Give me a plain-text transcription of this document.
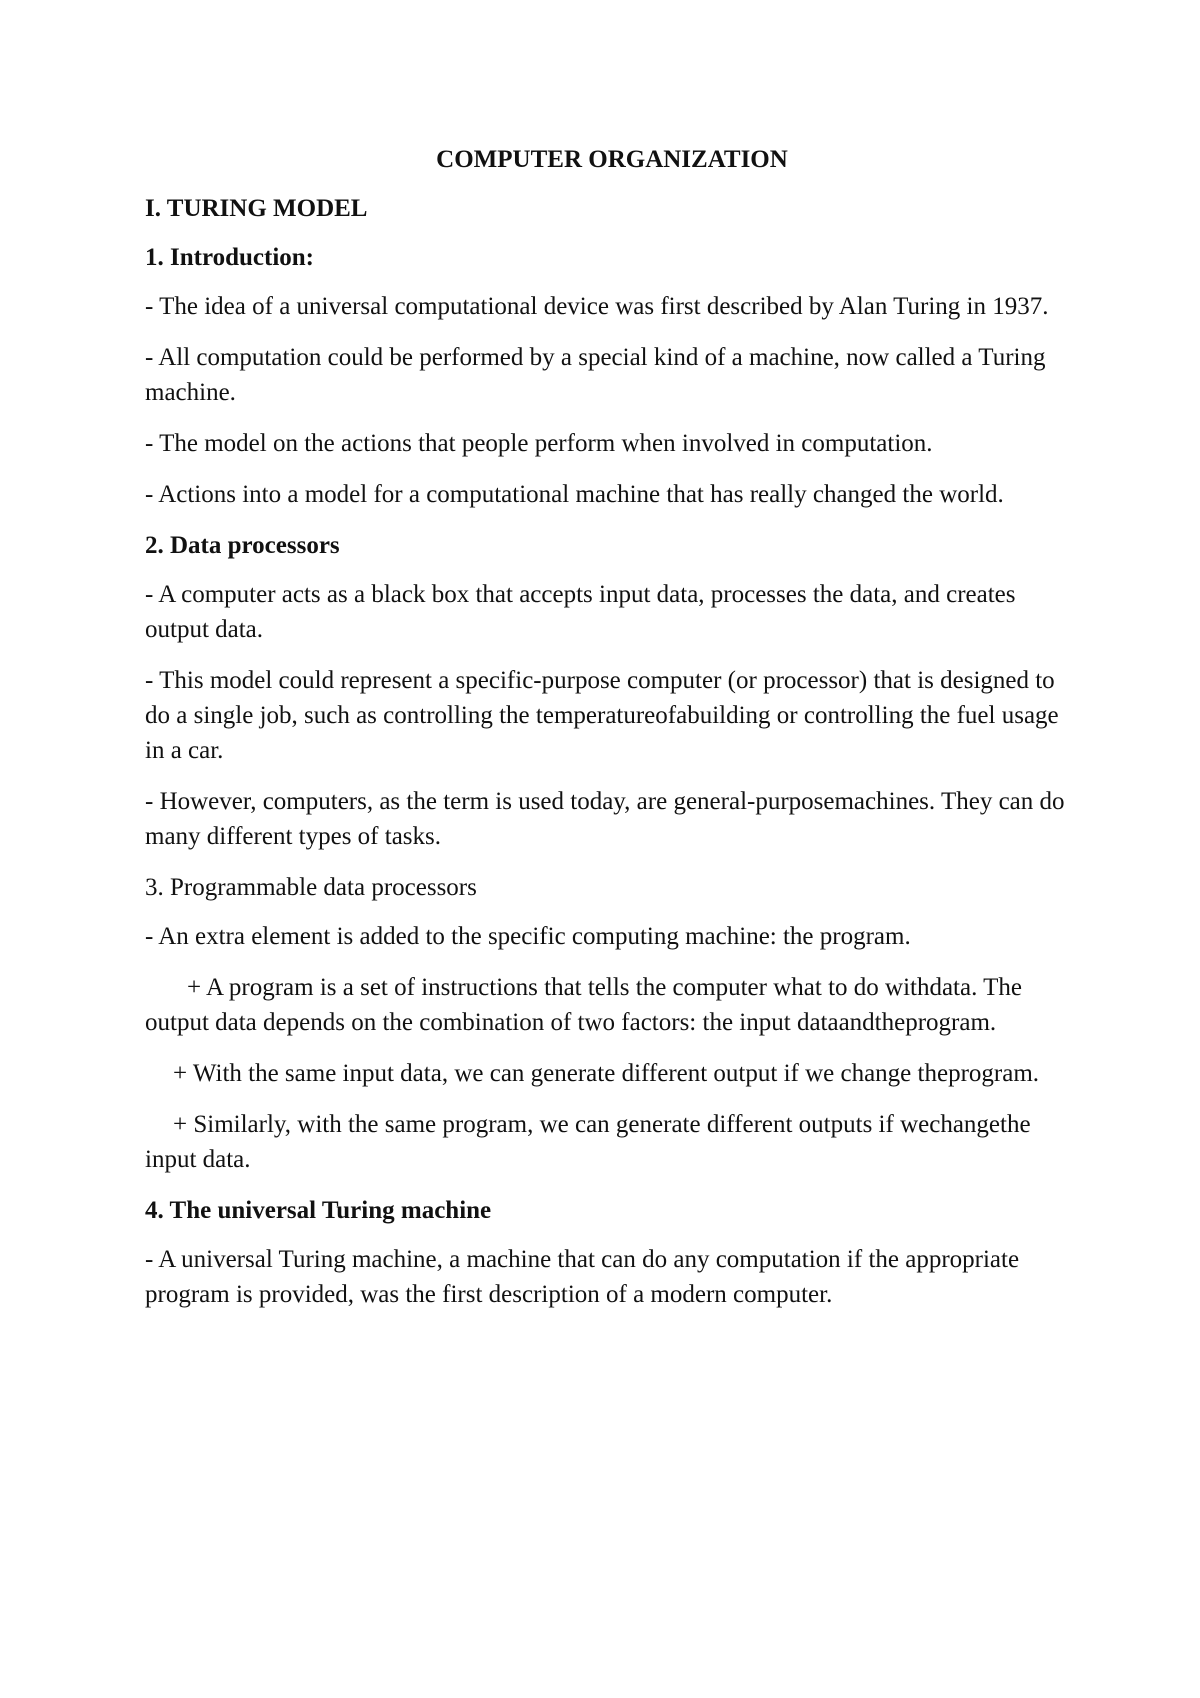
COMPUTER ORGANIZATION
I. TURING MODEL
1. Introduction:
- The idea of a universal computational device was first described by Alan Turing in 1937.
- All computation could be performed by a special kind of a machine, now called a Turing machine.
- The model on the actions that people perform when involved in computation.
- Actions into a model for a computational machine that has really changed the world.
2. Data processors
- A computer acts as a black box that accepts input data, processes the data, and creates output data.
- This model could represent a specific-purpose computer (or processor) that is designed to do a single job, such as controlling the temperatureofabuilding or controlling the fuel usage in a car.
- However, computers, as the term is used today, are general-purposemachines. They can do many different types of tasks.
3. Programmable data processors
- An extra element is added to the specific computing machine: the program.
+ A program is a set of instructions that tells the computer what to do withdata. The output data depends on the combination of two factors: the input dataandtheprogram.
+ With the same input data, we can generate different output if we change theprogram.
+ Similarly, with the same program, we can generate different outputs if wechangethe input data.
4. The universal Turing machine
- A universal Turing machine, a machine that can do any computation if the appropriate program is provided, was the first description of a modern computer.
